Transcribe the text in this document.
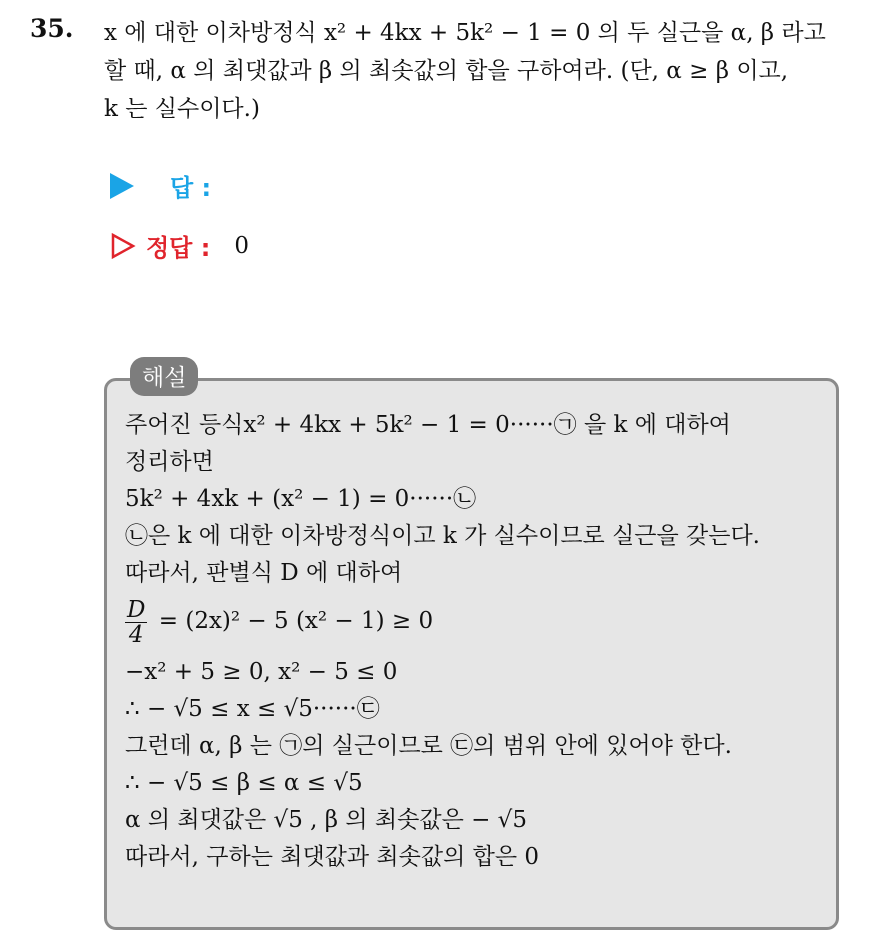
35. x 에 대한 이차방정식 x² + 4kx + 5k² − 1 = 0 의 두 실근을 α, β 라고
할 때, α 의 최댓값과 β 의 최솟값의 합을 구하여라. (단, α ≥ β 이고,
k 는 실수이다.)
답 :
정답 : 0
해설
주어진 등식x² + 4kx + 5k² − 1 = 0······㉠ 을 k 에 대하여
정리하면
5k² + 4xk + (x² − 1) = 0······㉡
㉡은 k 에 대한 이차방정식이고 k 가 실수이므로 실근을 갖는다.
따라서, 판별식 D 에 대하여
$\frac{D}{4} = (2x)^2 - 5$ (x² − 1) ≥ 0
−x² + 5 ≥ 0, x² − 5 ≤ 0
∴ − √5 ≤ x ≤ √5······㉢
그런데 α, β 는 ㉠의 실근이므로 ㉢의 범위 안에 있어야 한다.
∴ − √5 ≤ β ≤ α ≤ √5
α 의 최댓값은 √5 , β 의 최솟값은 − √5
따라서, 구하는 최댓값과 최솟값의 합은 0
